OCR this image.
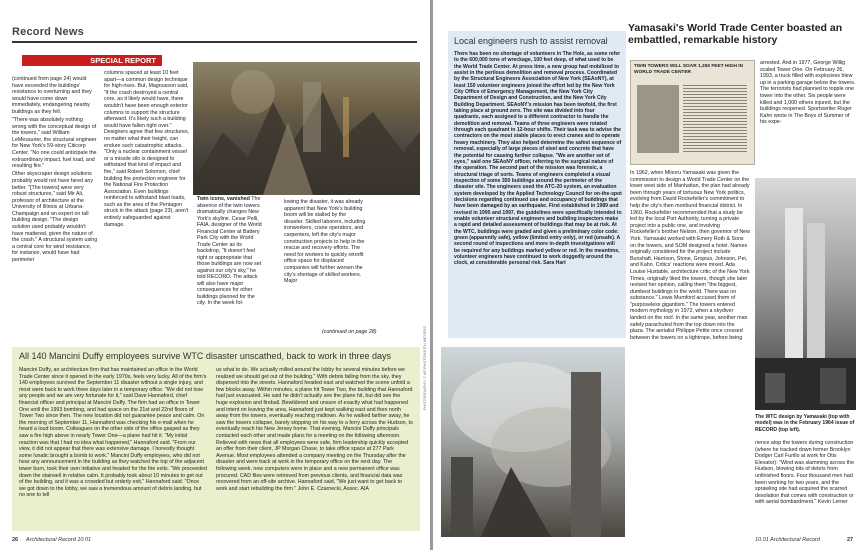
Record News
SPECIAL REPORT

(continued from page 24) would have exceeded the buildings' resistance to overturning and they would have come down immediately, endangering nearby buildings as they fell.

"There was absolutely nothing wrong with the conceptual design of the towers," said William LeMessurier, the structural engineer for New York's 59-story Citicorp Center. "No one could anticipate the extraordinary impact, fuel load, and resulting fire."

Other skyscraper design solutions probably would not have fared any better. "[The towers] were very robust structures," said Mir Ali, professor of architecture at the University of Illinois at Urbana-Champaign and an expert on tall building design. "The design solution used probably wouldn't have mattered, given the nature of the crash." A structural system using a central core for wind resistance, for instance, would have had perimeter

columns spaced at least 10 feet apart—a common design technique for high-rises. But, Magnusson said, "if the crash destroyed a central core, as it likely would have, there wouldn't have been enough exterior columns to support the structure afterward. It's likely such a building would have fallen right over." Designers agree that few structures, no matter what their height, can endure such catastrophic attacks. "Only a nuclear containment vessel or a missile silo is designed to withstand that kind of impact and fire," said Robert Solomon, chief building fire protection engineer for the National Fire Protection Association. Even buildings reinforced to withstand blast loads, such as the area of the Pentagon struck in the attack (page 23), aren't entirely safeguarded against damage.
Twin icons, vanished The absence of the twin towers dramatically changes New York's skyline. Cesar Pelli, FAIA, designer of the World Financial Center at Battery Park City with the World Trade Center as its backdrop, "It doesn't feel right or appropriate that those buildings are now set against our city's sky," he told RECORD. The attack will also have major consequences for other buildings planned for the city. In the week fol-
lowing the disaster, it was already apparent that New York's building boom will be stalled by the disaster. Skilled laborers, including ironworkers, crane operators, and carpenters, left the city's major construction projects to help in the rescue and recovery efforts. The need for workers to quickly retrofit office space for displaced companies will further worsen the city's shortage of skilled workers. Major
(continued on page 28)
All 140 Mancini Duffy employees survive WTC disaster unscathed, back to work in three days
Mancini Duffy, an architecture firm that has maintained an office in the World Trade Center since it opened in the early 1970s, feels very lucky. All of the firm's 140 employees survived the September 11 disaster without a single injury, and most were back to work three days later in a temporary office. "We did not lose any people and we are very fortunate for it," said Dave Hannaford, chief financial officer and principal at Mancini Duffy. The firm had an office in Tower One until the 1993 bombing, and had space on the 21st and 22nd floors of Tower Two since then. The new location did not guarantee peace and calm. On the morning of September 11, Hannaford was checking his e-mail when he heard a loud boom. Colleagues on the other side of the office gasped as they saw a fire high above in nearly Tower One—a plane had hit it. "My initial reaction was that I had no idea what happened," Hannaford said. "From our view, it did not appear that there was extensive damage. I honestly thought some lunatic brought a bomb to work." Mancini Duffy employees, who did not hear any announcement in the building as they watched the top of the adjacent tower burn, took their own initiative and headed for the fire exits. "We proceeded down the stairwell in relative calm. It probably took about 10 minutes to get out of the building, and it was a crowded but orderly exit," Hannaford said. "Once we got down to the lobby, we saw a tremendous amount of debris landing, but no one to tell
us what to do. We actually milled around the lobby for several minutes before we realized we should get out of the building." With debris falling from the sky, they dispersed into the streets. Hannaford headed east and watched the scene unfold a few blocks away. Within minutes, a plane hit Tower Two, the building that Hannaford had just evacuated. He said he didn't actually see the plane hit, but did see the huge explosion and fireball. Bewildered and unsure of exactly what had happened and intent on leaving the area, Hannaford just kept walking east and then north away from the towers, eventually reaching midtown. As he walked farther away, he saw the towers collapse, barely stopping on his way to a ferry across the Hudson, to eventually reach his New Jersey home. That evening, Mancini Duffy principals contacted each other and made plans for a meeting on the following afternoon. Relieved with news that all employees were safe, firm leadership quickly accepted an offer from their client, JP Morgan Chase, to take office space at 277 Park Avenue. Most employees attended a company meeting on the Thursday after the disaster and were back at work in the temporary office on the next day. The following week, new computers were in place and a new permanent office was procured. CAD files were retrieved from previous clients, and financial data was recovered from an off-site archive. Hannaford said, "We just want to get back to work and start rebuilding the firm." John E. Czarnecki, Assoc. AIA
PHOTOGRAPHY: © AP PHOTO/KEITH MEYERS
26 Architectural Record 10.01
Local engineers rush to assist removal
There has been no shortage of volunteers in The Hole, as some refer to the 600,000 tons of wreckage, 100 feet deep, of what used to be the World Trade Center. At press time, a new group had mobilized to assist in the perilous demolition and removal process. Coordinated by the Structural Engineers Association of New York (SEAoNY), at least 150 volunteer engineers joined the effort led by the New York City Office of Emergency Management, the New York City Department of Design and Construction, and the New York City Building Department. SEAoNY's mission has been twofold, the first taking place at ground zero. The site was divided into four quadrants, each assigned to a different contractor to handle the demolition and removal. Teams of three engineers were rotated through each quadrant in 12-hour shifts. Their task was to advise the contractors on the most stable places to erect cranes and to operate heavy machinery. They also helped determine the safest sequence of removal, especially of large pieces of steel and concrete that have the potential for causing further collapse. "We are another set of eyes," said one SEAoNY officer, referring to the surgical nature of the operation. The second part of the mission was forensic, a structural triage of sorts. Teams of engineers completed a visual inspection of some 350 buildings around the perimeter of the disaster site. The engineers used the ATC-20 system, an evaluation system developed by the Applied Technology Council for on-the-spot decisions regarding continued use and occupancy of buildings that have been damaged by an earthquake. First established in 1989 and revised in 1995 and 1997, the guidelines were specifically intended to enable volunteer structural engineers and building inspectors make a rapid and detailed assessment of buildings that may be at risk. At the WTC, buildings were graded and given a preliminary color code: green (apparently safe), yellow (limited entry only), or red (unsafe). A second round of inspections and more in-depth investigations will be required for any buildings marked yellow or red. In the meantime, volunteer engineers have continued to work doggedly around the clock, at considerable personal risk. Sara Hart
Yamasaki's World Trade Center boasted an embattled, remarkable history
TWIN TOWERS WILL SOAR 1,350 FEET HIGH IN WORLD TRADE CENTER
arrested. And in 1977, George Willig scaled Tower One. On February 26, 1993, a truck filled with explosives blew up in a parking garage below the towers. The terrorists had planned to topple one tower into the other. Six people were killed and 1,000 others injured, but the buildings reopened. Sportswriter Roger Kahn wrote in The Boys of Summer of his expe-
In 1962, when Minoru Yamasaki was given the commission to design a World Trade Center on the lower west side of Manhattan, the plan had already been through years of tortuous New York politics, evolving from David Rockefeller's commitment to help the city's then moribund financial district. In 1960, Rockefeller recommended that a study be led by the local Port Authority, turning a private project into a public one, and involving Rockefeller's brother Nelson, then governor of New York. Yamasaki worked with Emery Roth & Sons on the towers, and SOM designed a hotel. Names originally considered for the project include Bunshaft, Harrison, Stone, Gropius, Johnson, Pei, and Kahn. Critics' reactions were mixed. Ada Louise Huxtable, architecture critic of the New York Times, originally liked the towers, though she later revised her opinion, calling them "the biggest, dumbest buildings in the world. There was no substance." Lewis Mumford accused them of "purposeless gigantism." The towers entered modern mythology in 1972, when a skydiver landed on the roof. In the same year, another man safely parachuted from the top down into the plaza. The aerialist Philippe Petite once crossed between the towers on a tightrope, before being
The WTC design by Yamasaki (top with model) was in the February 1964 issue of RECORD (top left).
rience atop the towers during construction (where he tracked down former Brooklyn Dodger Carl Furillo at work for Otis Elevator): "Wind was slamming across the Hudson, blowing bits of debris from unfinished floors. Four thousand men had been working for two years, and the sprawling site had acquired the scarred desolation that comes with construction or with aerial bombardment." Kevin Lerner
10.01 Architectural Record	27
